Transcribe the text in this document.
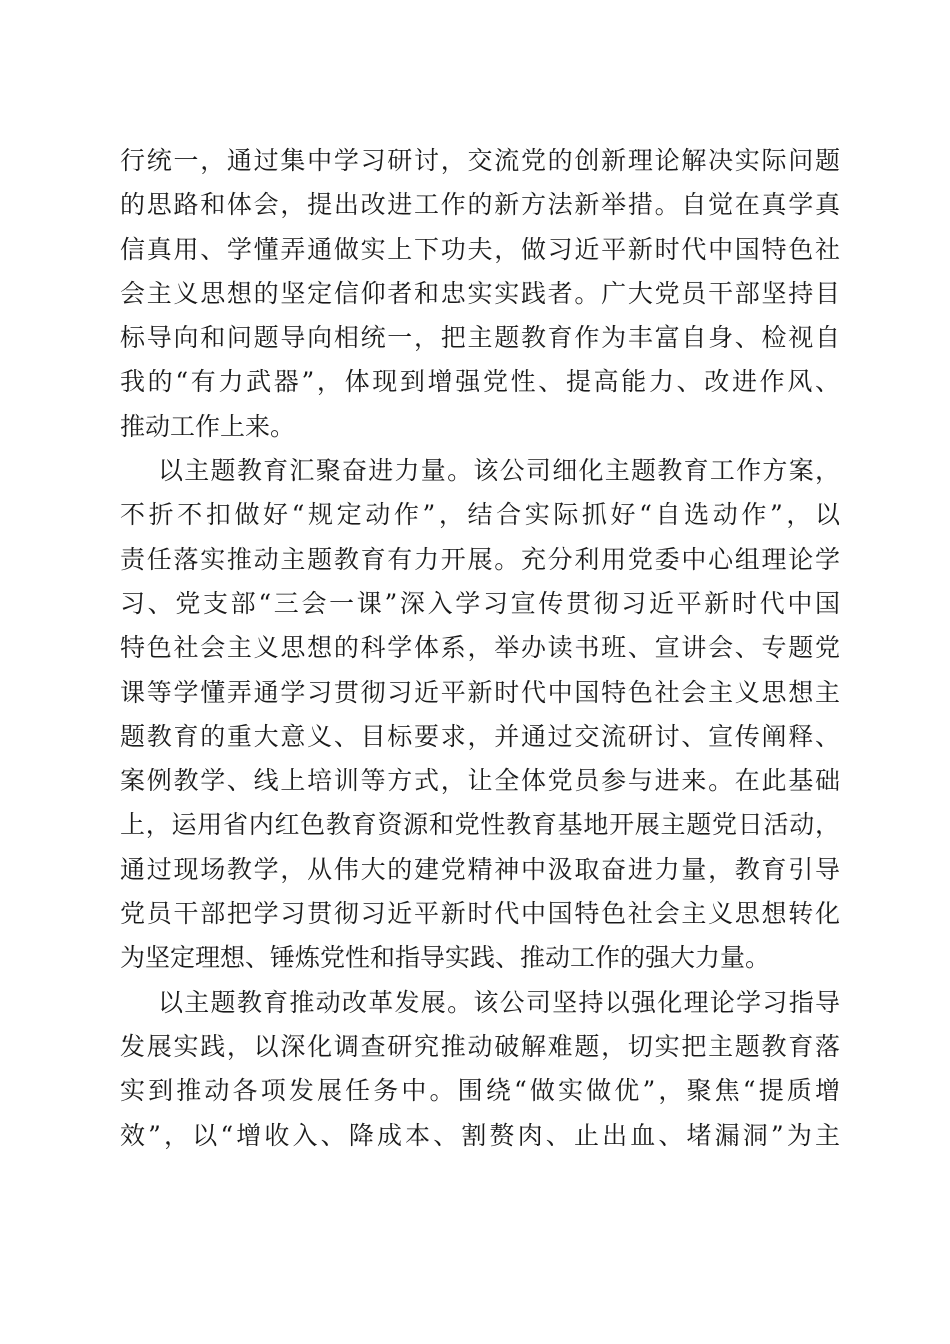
行统一，通过集中学习研讨，交流党的创新理论解决实际问题
的思路和体会，提出改进工作的新方法新举措。自觉在真学真
信真用、学懂弄通做实上下功夫，做习近平新时代中国特色社
会主义思想的坚定信仰者和忠实实践者。广大党员干部坚持目
标导向和问题导向相统一，把主题教育作为丰富自身、检视自
我的“有力武器”，体现到增强党性、提高能力、改进作风、
推动工作上来。
以主题教育汇聚奋进力量。该公司细化主题教育工作方案，
不折不扣做好“规定动作”，结合实际抓好“自选动作”，以
责任落实推动主题教育有力开展。充分利用党委中心组理论学
习、党支部“三会一课”深入学习宣传贯彻习近平新时代中国
特色社会主义思想的科学体系，举办读书班、宣讲会、专题党
课等学懂弄通学习贯彻习近平新时代中国特色社会主义思想主
题教育的重大意义、目标要求，并通过交流研讨、宣传阐释、
案例教学、线上培训等方式，让全体党员参与进来。在此基础
上，运用省内红色教育资源和党性教育基地开展主题党日活动，
通过现场教学，从伟大的建党精神中汲取奋进力量，教育引导
党员干部把学习贯彻习近平新时代中国特色社会主义思想转化
为坚定理想、锤炼党性和指导实践、推动工作的强大力量。
以主题教育推动改革发展。该公司坚持以强化理论学习指导
发展实践，以深化调查研究推动破解难题，切实把主题教育落
实到推动各项发展任务中。围绕“做实做优”，聚焦“提质增
效”，以“增收入、降成本、割赘肉、止出血、堵漏洞”为主
